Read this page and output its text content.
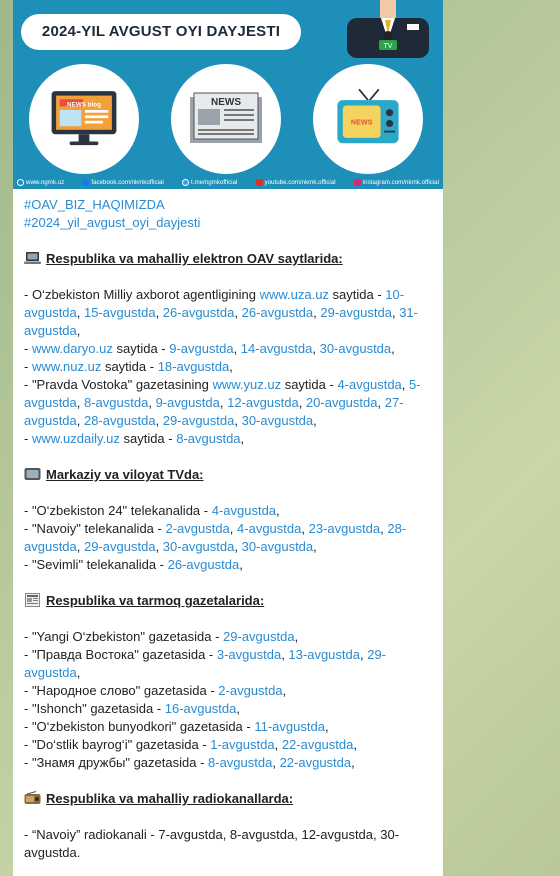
2024-YIL AVGUST OYI DAYJESTI
TV
NEWS blog	NEWS
NEWS
www.ngmk.uz	facebook.com/nkmkofficial	t.me/ngmkofficial	youtube.com/nkmk.official	instagram.com/nkmk.official
#OAV_BIZ_HAQIMIZDA
#2024_yil_avgust_oyi_dayjesti
Respublika va mahalliy elektron OAV saytlarida:
- O‘zbekiston Milliy axborot agentligining www.uza.uz saytida - 10-avgustda, 15-avgustda, 26-avgustda, 26-avgustda, 29-avgustda, 31-avgustda,
- www.daryo.uz saytida - 9-avgustda, 14-avgustda, 30-avgustda,
- www.nuz.uz saytida - 18-avgustda,
- "Pravda Vostoka" gazetasining www.yuz.uz saytida - 4-avgustda, 5-avgustda, 8-avgustda, 9-avgustda, 12-avgustda, 20-avgustda, 27-avgustda, 28-avgustda, 29-avgustda, 30-avgustda,
- www.uzdaily.uz saytida - 8-avgustda,
Markaziy va viloyat TVda:
- "O‘zbekiston 24" telekanalida - 4-avgustda,
- "Navoiy" telekanalida - 2-avgustda, 4-avgustda, 23-avgustda, 28-avgustda, 29-avgustda, 30-avgustda, 30-avgustda,
- "Sevimli" telekanalida - 26-avgustda,
Respublika va tarmoq gazetalarida:
- "Yangi O‘zbekiston" gazetasida - 29-avgustda,
- "Правда Востока" gazetasida - 3-avgustda, 13-avgustda, 29-avgustda,
- "Народное слово" gazetasida - 2-avgustda,
- "Ishonch" gazetasida - 16-avgustda,
- "O‘zbekiston bunyodkori" gazetasida - 11-avgustda,
- "Do‘stlik bayrog‘i" gazetasida - 1-avgustda, 22-avgustda,
- "Знамя дружбы" gazetasida - 8-avgustda, 22-avgustda,
Respublika va mahalliy radiokanallarda:
- “Navoiy” radiokanali - 7-avgustda, 8-avgustda, 12-avgustda, 30-avgustda.
